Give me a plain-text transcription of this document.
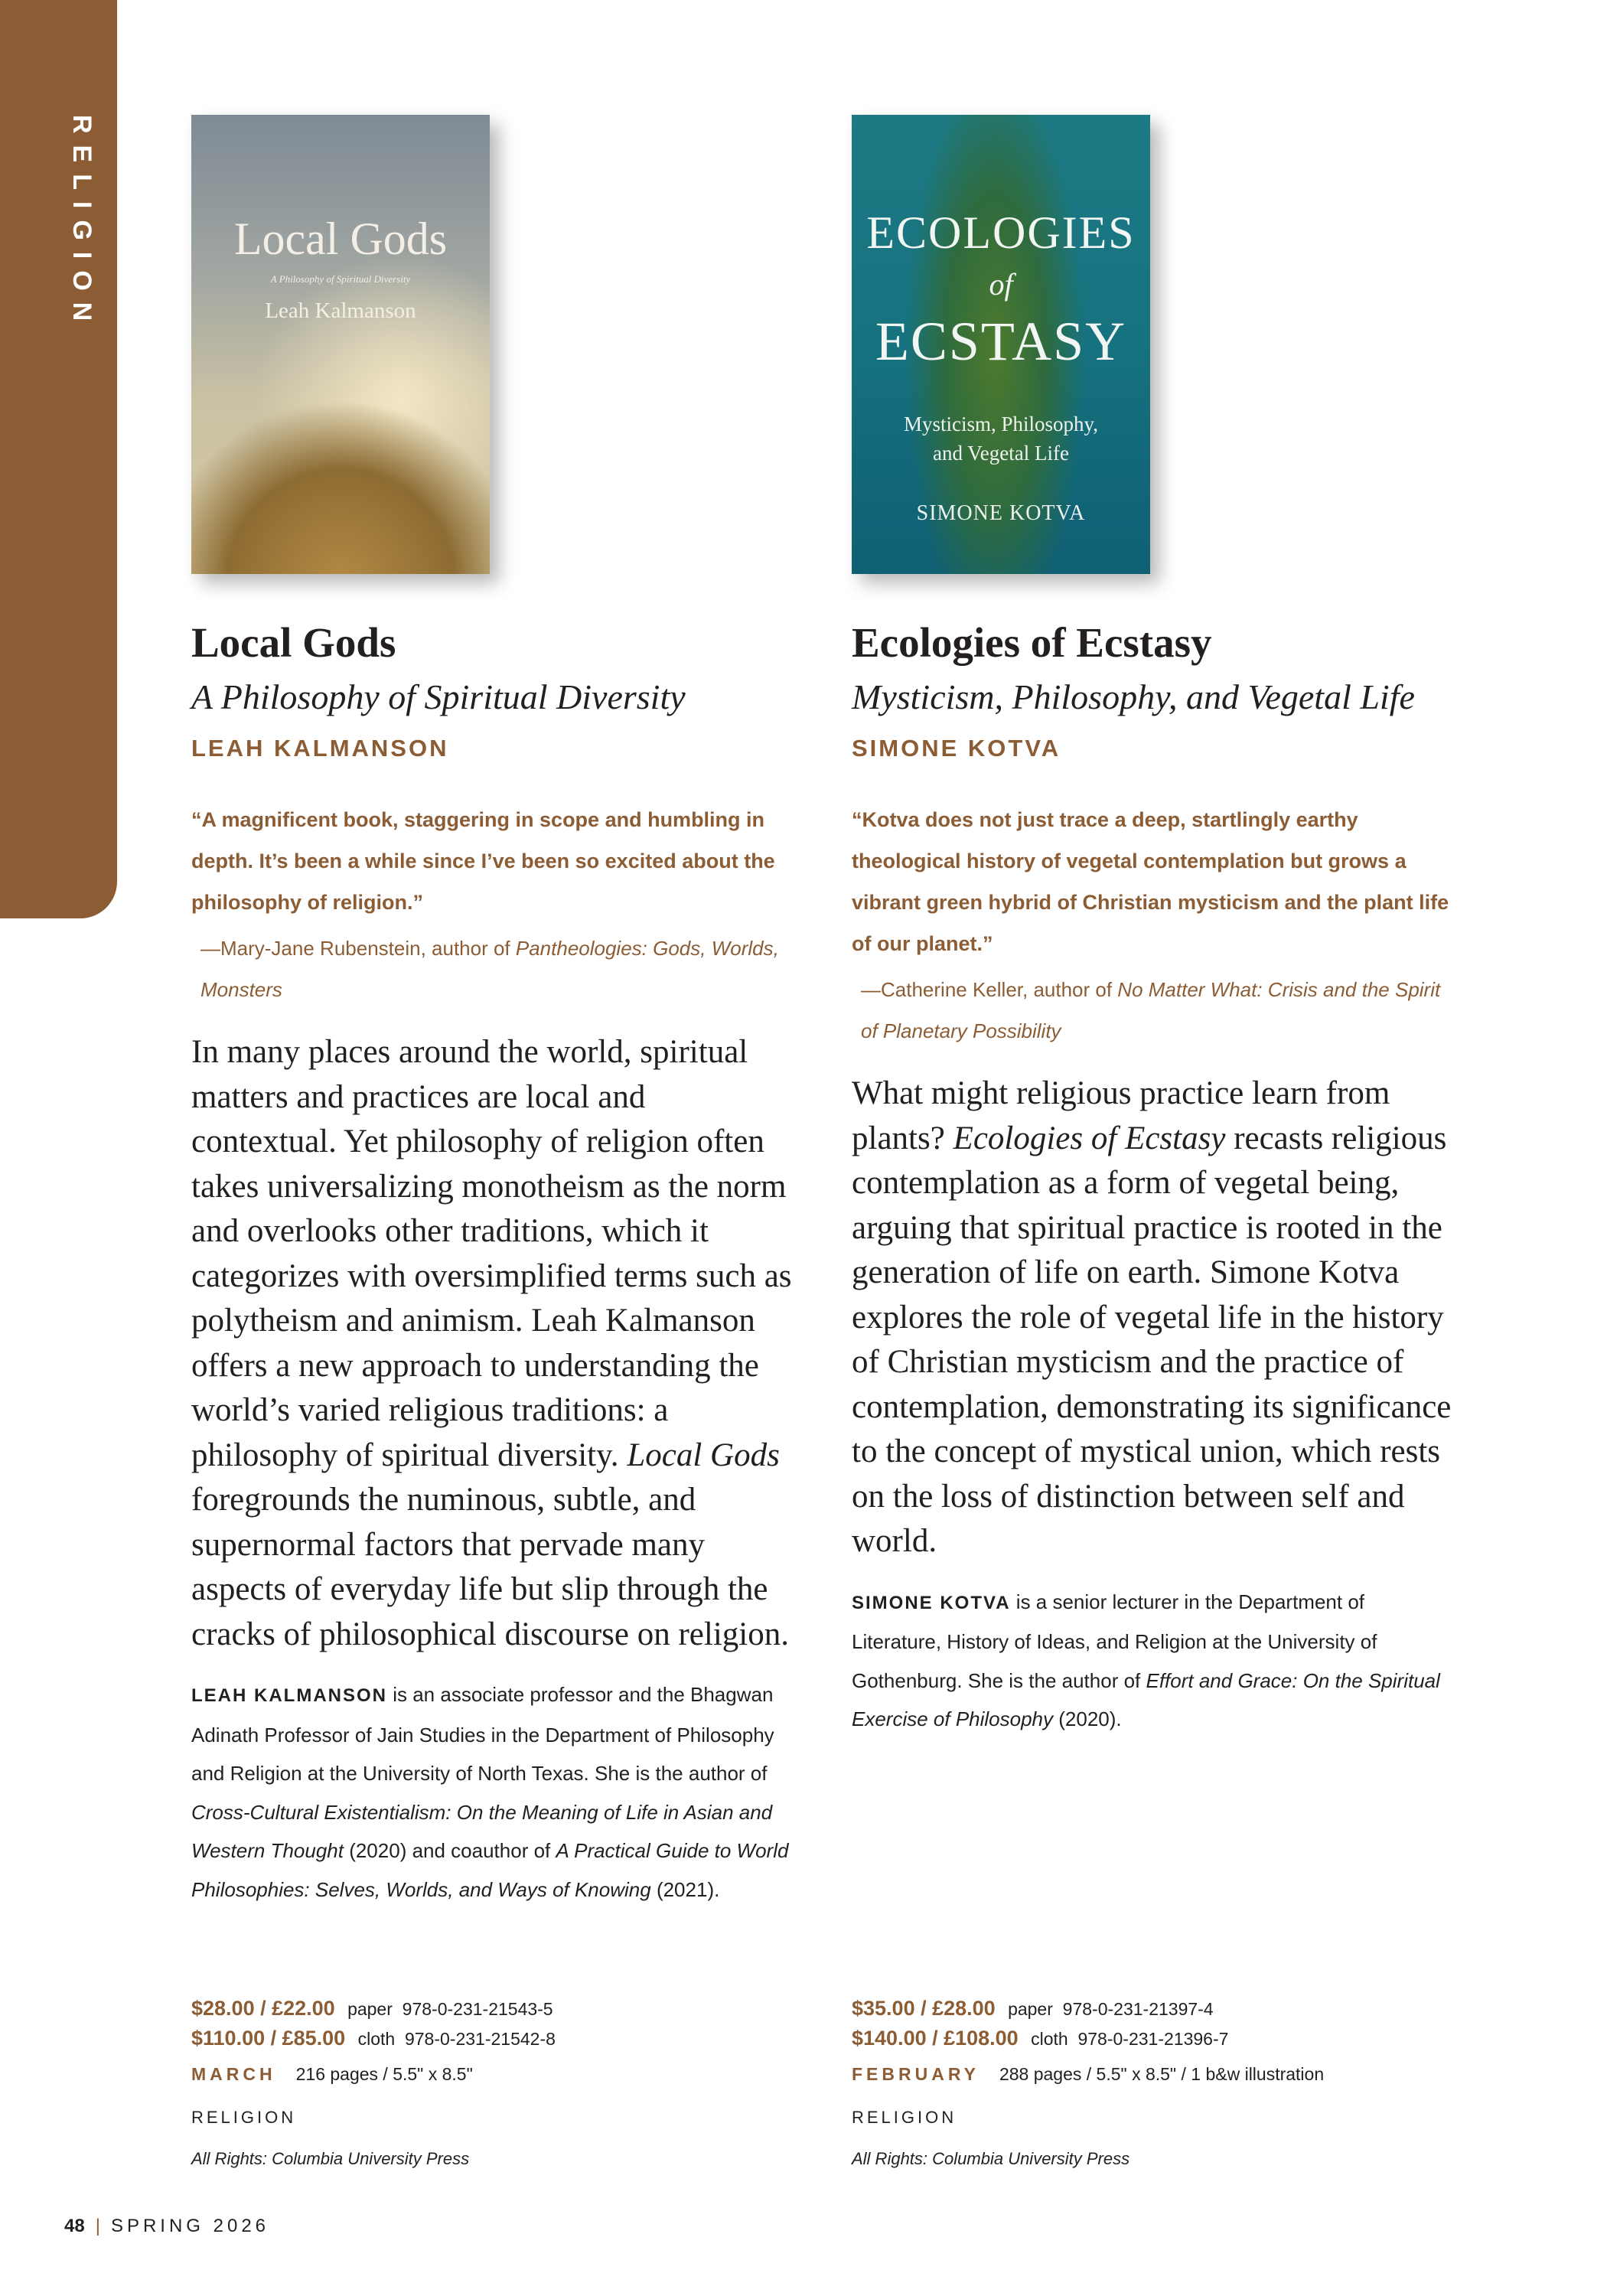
RELIGION	Local Gods
A Philosophy of Spiritual Diversity
Leah Kalmanson
Local Gods
A Philosophy of Spiritual Diversity
LEAH KALMANSON
“A magnificent book, staggering in scope and humbling in depth. It’s been a while since I’ve been so excited about the philosophy of religion.”
—Mary-Jane Rubenstein, author of Pantheologies: Gods, Worlds, Monsters
In many places around the world, spiritual matters and practices are local and contextual. Yet philosophy of religion often takes universalizing monotheism as the norm and overlooks other traditions, which it categorizes with oversimplified terms such as polytheism and animism. Leah Kalmanson offers a new approach to understanding the world’s varied religious traditions: a philosophy of spiritual diversity. Local Gods foregrounds the numinous, subtle, and supernormal factors that pervade many aspects of everyday life but slip through the cracks of philosophical discourse on religion.
LEAH KALMANSON is an associate professor and the Bhagwan Adinath Professor of Jain Studies in the Department of Philosophy and Religion at the University of North Texas. She is the author of Cross-Cultural Existentialism: On the Meaning of Life in Asian and Western Thought (2020) and coauthor of A Practical Guide to World Philosophies: Selves, Worlds, and Ways of Knowing (2021).
ECOLOGIES
of
ECSTASY
Mysticism, Philosophy,
and Vegetal Life
SIMONE KOTVA
Ecologies of Ecstasy
Mysticism, Philosophy, and Vegetal Life
SIMONE KOTVA
“Kotva does not just trace a deep, startlingly earthy theological history of vegetal contemplation but grows a vibrant green hybrid of Christian mysticism and the plant life of our planet.”
—Catherine Keller, author of No Matter What: Crisis and the Spirit of Planetary Possibility
What might religious practice learn from plants? Ecologies of Ecstasy recasts religious contemplation as a form of vegetal being, arguing that spiritual practice is rooted in the generation of life on earth. Simone Kotva explores the role of vegetal life in the history of Christian mysticism and the practice of contemplation, demonstrating its significance to the concept of mystical union, which rests on the loss of distinction between self and world.
SIMONE KOTVA is a senior lecturer in the Department of Literature, History of Ideas, and Religion at the University of Gothenburg. She is the author of Effort and Grace: On the Spiritual Exercise of Philosophy (2020).
$28.00 / £22.00 paper 978-0-231-21543-5
$110.00 / £85.00 cloth 978-0-231-21542-8
MARCH 216 pages / 5.5" x 8.5"
RELIGION
All Rights: Columbia University Press
$35.00 / £28.00 paper 978-0-231-21397-4
$140.00 / £108.00 cloth 978-0-231-21396-7
FEBRUARY 288 pages / 5.5" x 8.5" / 1 b&w illustration
RELIGION
All Rights: Columbia University Press
48 | SPRING 2026
